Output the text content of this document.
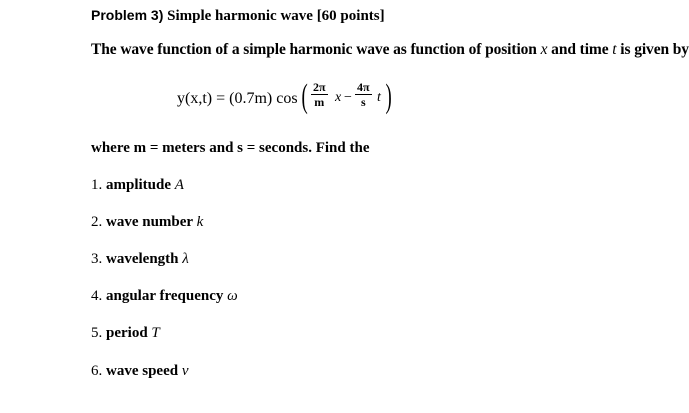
Problem 3) Simple harmonic wave [60 points]
The wave function of a simple harmonic wave as function of position x and time t is given by
y(x,t) = (0.7m) cos ( $\frac{2\pi}{m}$ $x - \frac{4\pi}{s}$ t )
where m = meters and s = seconds. Find the
1. amplitude A
2. wave number k
3. wavelength λ
4. angular frequency ω
5. period T
6. wave speed v
